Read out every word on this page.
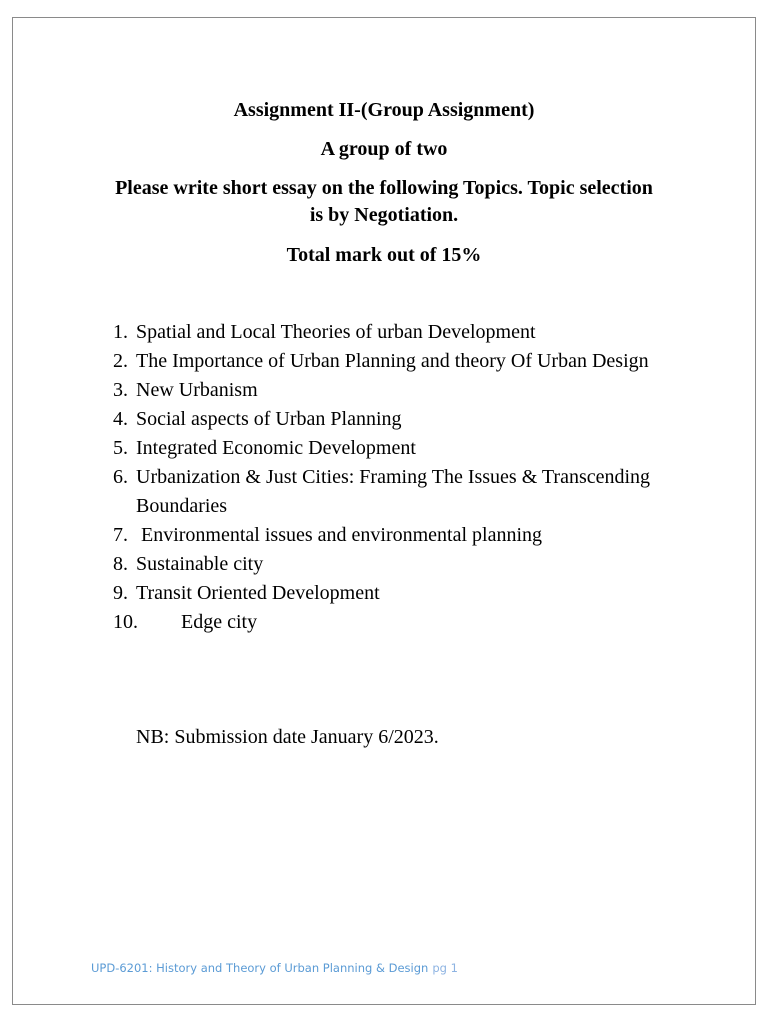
Assignment II-(Group Assignment)
A group of two
Please write short essay on the following Topics. Topic selection is by Negotiation.
Total mark out of 15%
1. Spatial and Local Theories of urban Development
2. The Importance of Urban Planning and theory Of Urban Design
3. New Urbanism
4. Social aspects of Urban Planning
5. Integrated Economic Development
6. Urbanization & Just Cities: Framing The Issues & Transcending Boundaries
7. Environmental issues and environmental planning
8. Sustainable city
9. Transit Oriented Development
10.	Edge city
NB: Submission date January 6/2023.
UPD-6201: History and Theory of Urban Planning & Design pg 1
